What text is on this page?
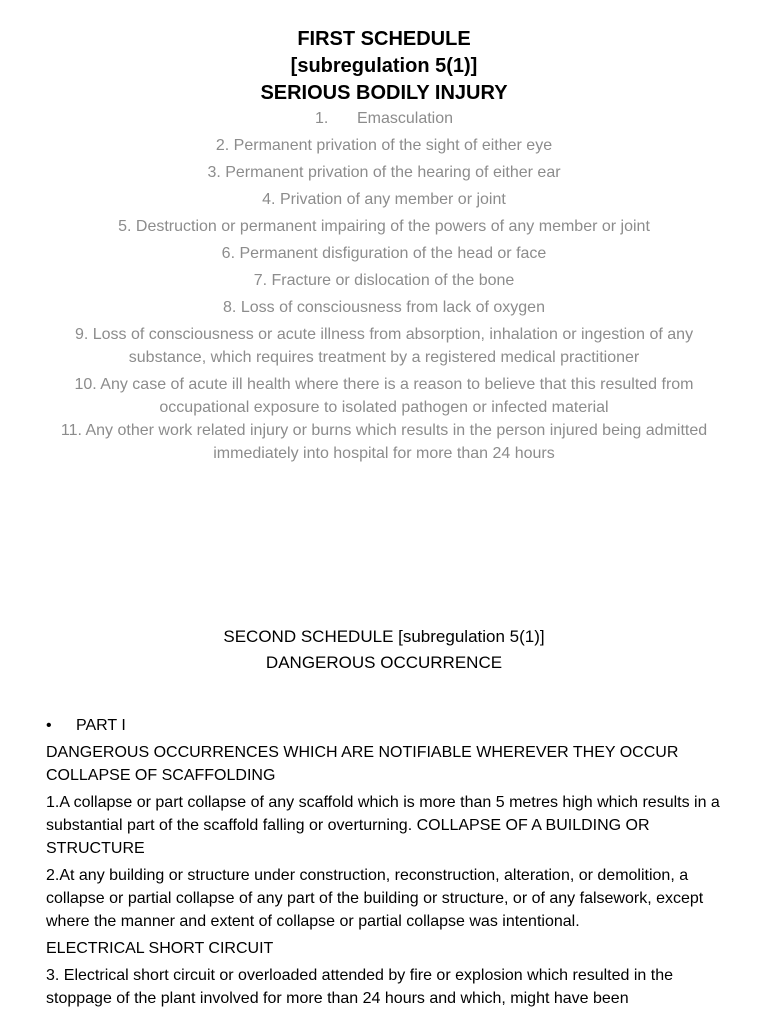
FIRST SCHEDULE
[subregulation 5(1)]
SERIOUS BODILY INJURY
1. Emasculation
2. Permanent privation of the sight of either eye
3. Permanent privation of the hearing of either ear
4. Privation of any member or joint
5. Destruction or permanent impairing of the powers of any member or joint
6. Permanent disfiguration of the head or face
7. Fracture or dislocation of the bone
8. Loss of consciousness from lack of oxygen
9. Loss of consciousness or acute illness from absorption, inhalation or ingestion of any substance, which requires treatment by a registered medical practitioner
10. Any case of acute ill health where there is a reason to believe that this resulted from occupational exposure to isolated pathogen or infected material
11. Any other work related injury or burns which results in the person injured being admitted immediately into hospital for more than 24 hours
SECOND SCHEDULE [subregulation 5(1)]
DANGEROUS OCCURRENCE
• PART I

DANGEROUS OCCURRENCES WHICH ARE NOTIFIABLE WHEREVER THEY OCCUR COLLAPSE OF SCAFFOLDING

1.A collapse or part collapse of any scaffold which is more than 5 metres high which results in a substantial part of the scaffold falling or overturning. COLLAPSE OF A BUILDING OR STRUCTURE

2.At any building or structure under construction, reconstruction, alteration, or demolition, a collapse or partial collapse of any part of the building or structure, or of any falsework, except where the manner and extent of collapse or partial collapse was intentional.

ELECTRICAL SHORT CIRCUIT

3. Electrical short circuit or overloaded attended by fire or explosion which resulted in the stoppage of the plant involved for more than 24 hours and which, might have been
